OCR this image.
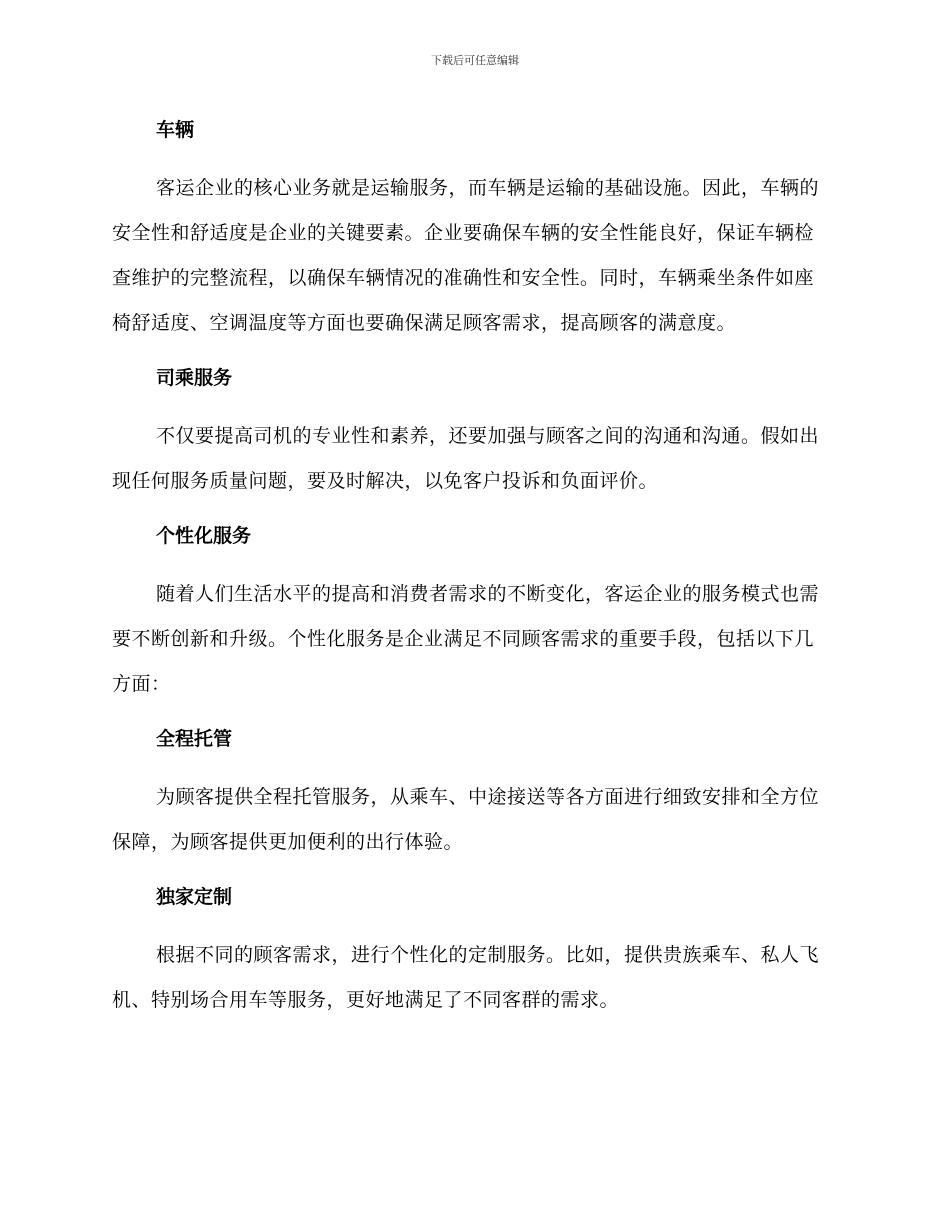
下载后可任意编辑
车辆

客运企业的核心业务就是运输服务，而车辆是运输的基础设施。因此，车辆的安全性和舒适度是企业的关键要素。企业要确保车辆的安全性能良好，保证车辆检查维护的完整流程，以确保车辆情况的准确性和安全性。同时，车辆乘坐条件如座椅舒适度、空调温度等方面也要确保满足顾客需求，提高顾客的满意度。

司乘服务

不仅要提高司机的专业性和素养，还要加强与顾客之间的沟通和沟通。假如出现任何服务质量问题，要及时解决，以免客户投诉和负面评价。

个性化服务

随着人们生活水平的提高和消费者需求的不断变化，客运企业的服务模式也需要不断创新和升级。个性化服务是企业满足不同顾客需求的重要手段，包括以下几方面：

全程托管

为顾客提供全程托管服务，从乘车、中途接送等各方面进行细致安排和全方位保障，为顾客提供更加便利的出行体验。

独家定制

根据不同的顾客需求，进行个性化的定制服务。比如，提供贵族乘车、私人飞机、特别场合用车等服务，更好地满足了不同客群的需求。
